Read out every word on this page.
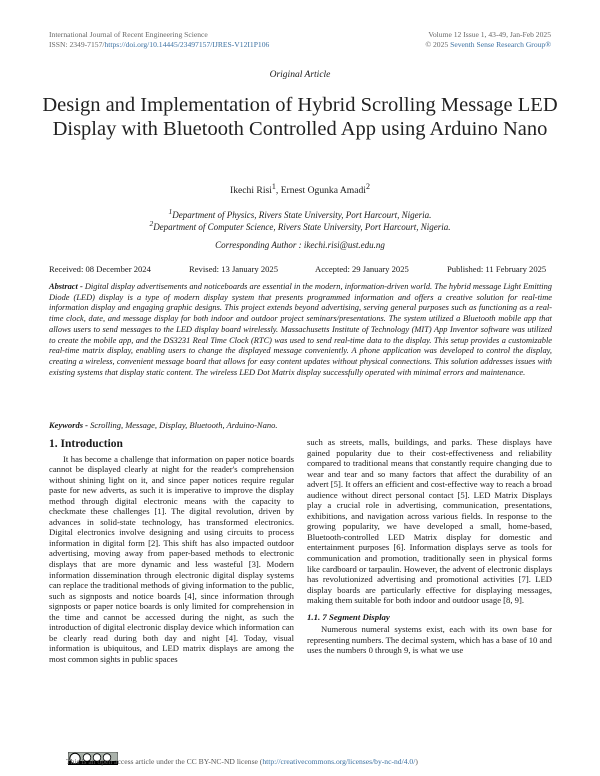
International Journal of Recent Engineering Science
ISSN: 2349-7157/https://doi.org/10.14445/23497157/IJRES-V12I1P106
Volume 12 Issue 1, 43-49, Jan-Feb 2025
© 2025 Seventh Sense Research Group®
Original Article
Design and Implementation of Hybrid Scrolling Message LED Display with Bluetooth Controlled App using Arduino Nano
Ikechi Risi$^1$, Ernest Ogunka Amadi$^2$
$^1$Department of Physics, Rivers State University, Port Harcourt, Nigeria.
$^2$Department of Computer Science, Rivers State University, Port Harcourt, Nigeria.
Corresponding Author : ikechi.risi@ust.edu.ng
Received: 08 December 2024	Revised: 13 January 2025	Accepted: 29 January 2025	Published: 11 February 2025
Abstract - Digital display advertisements and noticeboards are essential in the modern, information-driven world. The hybrid message Light Emitting Diode (LED) display is a type of modern display system that presents programmed information and offers a creative solution for real-time information display and engaging graphic designs. This project extends beyond advertising, serving general purposes such as functioning as a real-time clock, date, and message display for both indoor and outdoor project seminars/presentations. The system utilized a Bluetooth mobile app that allows users to send messages to the LED display board wirelessly. Massachusetts Institute of Technology (MIT) App Inventor software was utilized to create the mobile app, and the DS3231 Real Time Clock (RTC) was used to send real-time data to the display. This setup provides a customizable real-time matrix display, enabling users to change the displayed message conveniently. A phone application was developed to control the display, creating a wireless, convenient message board that allows for easy content updates without physical connections. This solution addresses issues with existing systems that display static content. The wireless LED Dot Matrix display successfully operated with minimal errors and maintenance.
Keywords - Scrolling, Message, Display, Bluetooth, Arduino-Nano.
1. Introduction

It has become a challenge that information on paper notice boards cannot be displayed clearly at night for the reader's comprehension without shining light on it, and since paper notices require regular paste for new adverts, as such it is imperative to improve the display method through digital electronic means with the capacity to checkmate these challenges [1]. The digital revolution, driven by advances in solid-state technology, has transformed electronics. Digital electronics involve designing and using circuits to process information in digital form [2]. This shift has also impacted outdoor advertising, moving away from paper-based methods to electronic displays that are more dynamic and less wasteful [3]. Modern information dissemination through electronic digital display systems can replace the traditional methods of giving information to the public, such as signposts and notice boards [4], since information through signposts or paper notice boards is only limited for comprehension in the time and cannot be accessed during the night, as such the introduction of digital electronic display device which information can be clearly read during both day and night [4]. Today, visual information is ubiquitous, and LED matrix displays are among the most common sights in public spaces

such as streets, malls, buildings, and parks. These displays have gained popularity due to their cost-effectiveness and reliability compared to traditional means that constantly require changing due to wear and tear and so many factors that affect the durability of an advert [5]. It offers an efficient and cost-effective way to reach a broad audience without direct personal contact [5]. LED Matrix Displays play a crucial role in advertising, communication, presentations, exhibitions, and navigation across various fields. In response to the growing popularity, we have developed a small, home-based, Bluetooth-controlled LED Matrix display for domestic and entertainment purposes [6]. Information displays serve as tools for communication and promotion, traditionally seen in physical forms like cardboard or tarpaulin. However, the advent of electronic displays has revolutionized advertising and promotional activities [7]. LED display boards are particularly effective for displaying messages, making them suitable for both indoor and outdoor usage [8, 9].

1.1. 7 Segment Display

Numerous numeral systems exist, each with its own base for representing numbers. The decimal system, which has a base of 10 and uses the numbers 0 through 9, is what we use

This is an open access article under the CC BY-NC-ND license (http://creativecommons.org/licenses/by-nc-nd/4.0/)
